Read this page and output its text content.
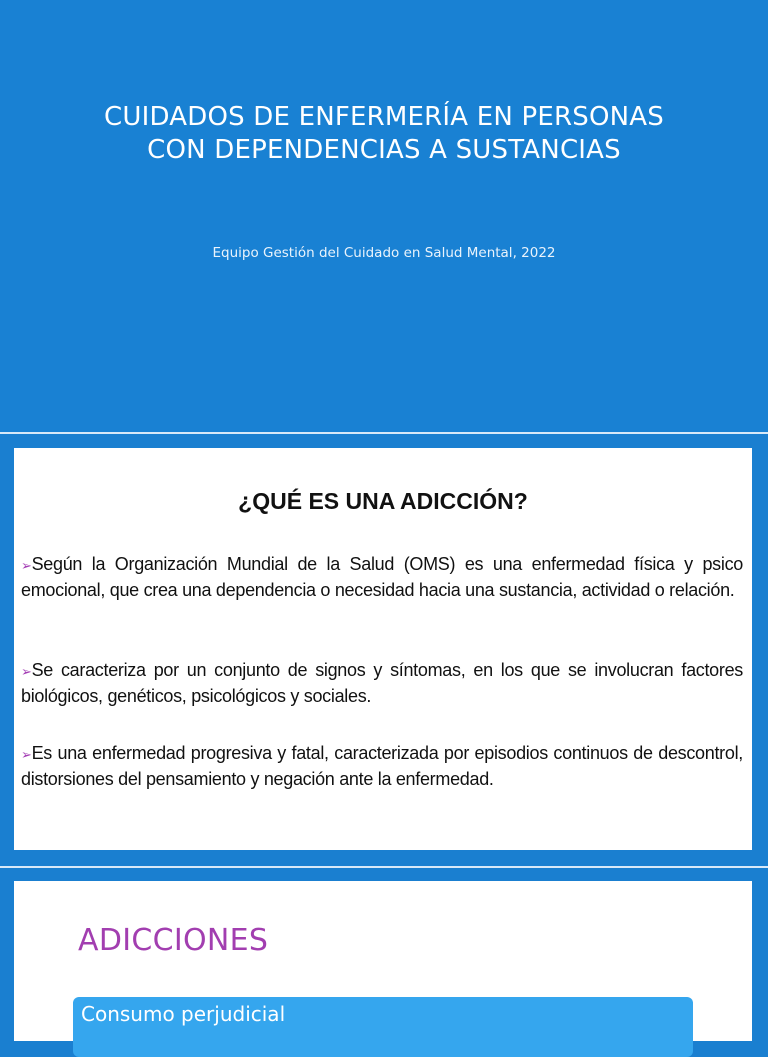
CUIDADOS DE ENFERMERÍA EN PERSONAS CON DEPENDENCIAS A SUSTANCIAS
Equipo Gestión del Cuidado en Salud Mental, 2022
¿QUÉ ES UNA ADICCIÓN?
➢Según la Organización Mundial de la Salud (OMS) es una enfermedad física y psico emocional, que crea una dependencia o necesidad hacia una sustancia, actividad o relación.
➢Se caracteriza por un conjunto de signos y síntomas, en los que se involucran factores biológicos, genéticos, psicológicos y sociales.
➢Es una enfermedad progresiva y fatal, caracterizada por episodios continuos de descontrol, distorsiones del pensamiento y negación ante la enfermedad.
ADICCIONES
Consumo perjudicial
